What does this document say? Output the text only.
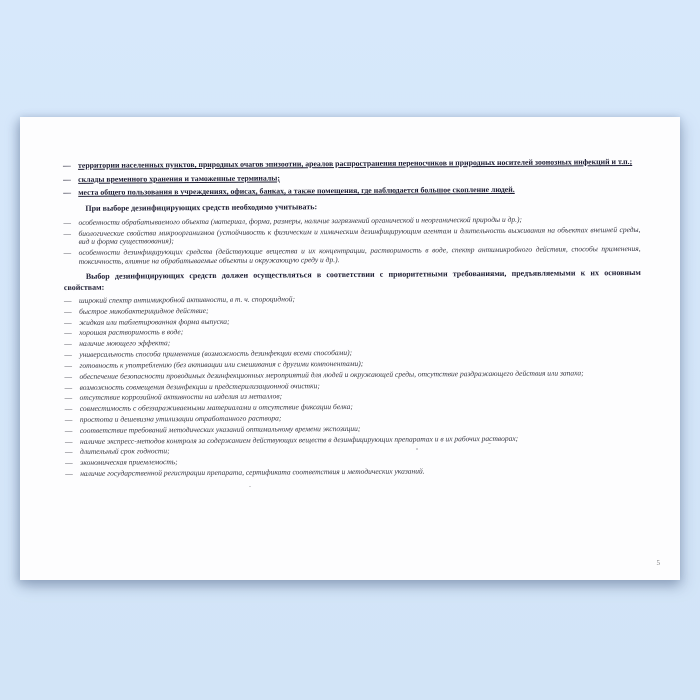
— территории населенных пунктов, природных очагов эпизоотии, ареалов распространения переносчиков и природных носителей зоонозных инфекций и т.п.;
— склады временного хранения и таможенные терминалы;
— места общего пользования в учреждениях, офисах, банках, а также помещения, где наблюдается большое скопление людей.

При выборе дезинфицирующих средств необходимо учитывать:

— особенности обрабатываемого объекта (материал, форма, размеры, наличие загрязнений органической и неорганической природы и др.);
— биологические свойства микроорганизмов (устойчивость к физическим и химическим дезинфицирующим агентам и длительность выживания на объектах внешней среды, вид и форма существования);
— особенности дезинфицирующих средств (действующие вещества и их концентрации, растворимость в воде, спектр антимикробного действия, способы применения, токсичность, влияние на обрабатываемые объекты и окружающую среду и др.).

Выбор дезинфицирующих средств должен осуществляться в соответствии с приоритетными требованиями, предъявляемыми к их основным свойствам:

— широкий спектр антимикробной активности, в т. ч. спороцидной;
— быстрое микобактерицидное действие;
— жидкая или таблетированная форма выпуска;
— хорошая растворимость в воде;
— наличие моющего эффекта;
— универсальность способа применения (возможность дезинфекции всеми способами);
— готовность к употреблению (без активации или смешивания с другими компонентами);
— обеспечение безопасности проводимых дезинфекционных мероприятий для людей и окружающей среды, отсутствие раздражающего действия или запаха;
— возможность совмещения дезинфекции и предстерилизационной очистки;
— отсутствие коррозийной активности на изделия из металлов;
— совместимость с обеззараживаемыми материалами и отсутствие фиксации белка;
— простота и дешевизна утилизации отработанного раствора;
— соответствие требований методических указаний оптимальному времени экспозиции;
— наличие экспресс-методов контроля за содержанием действующих веществ в дезинфицирующих препаратах и в их рабочих растворах;
— длительный срок годности;
— экономическая приемлемость;
— наличие государственной регистрации препарата, сертификата соответствия и методических указаний.
5
